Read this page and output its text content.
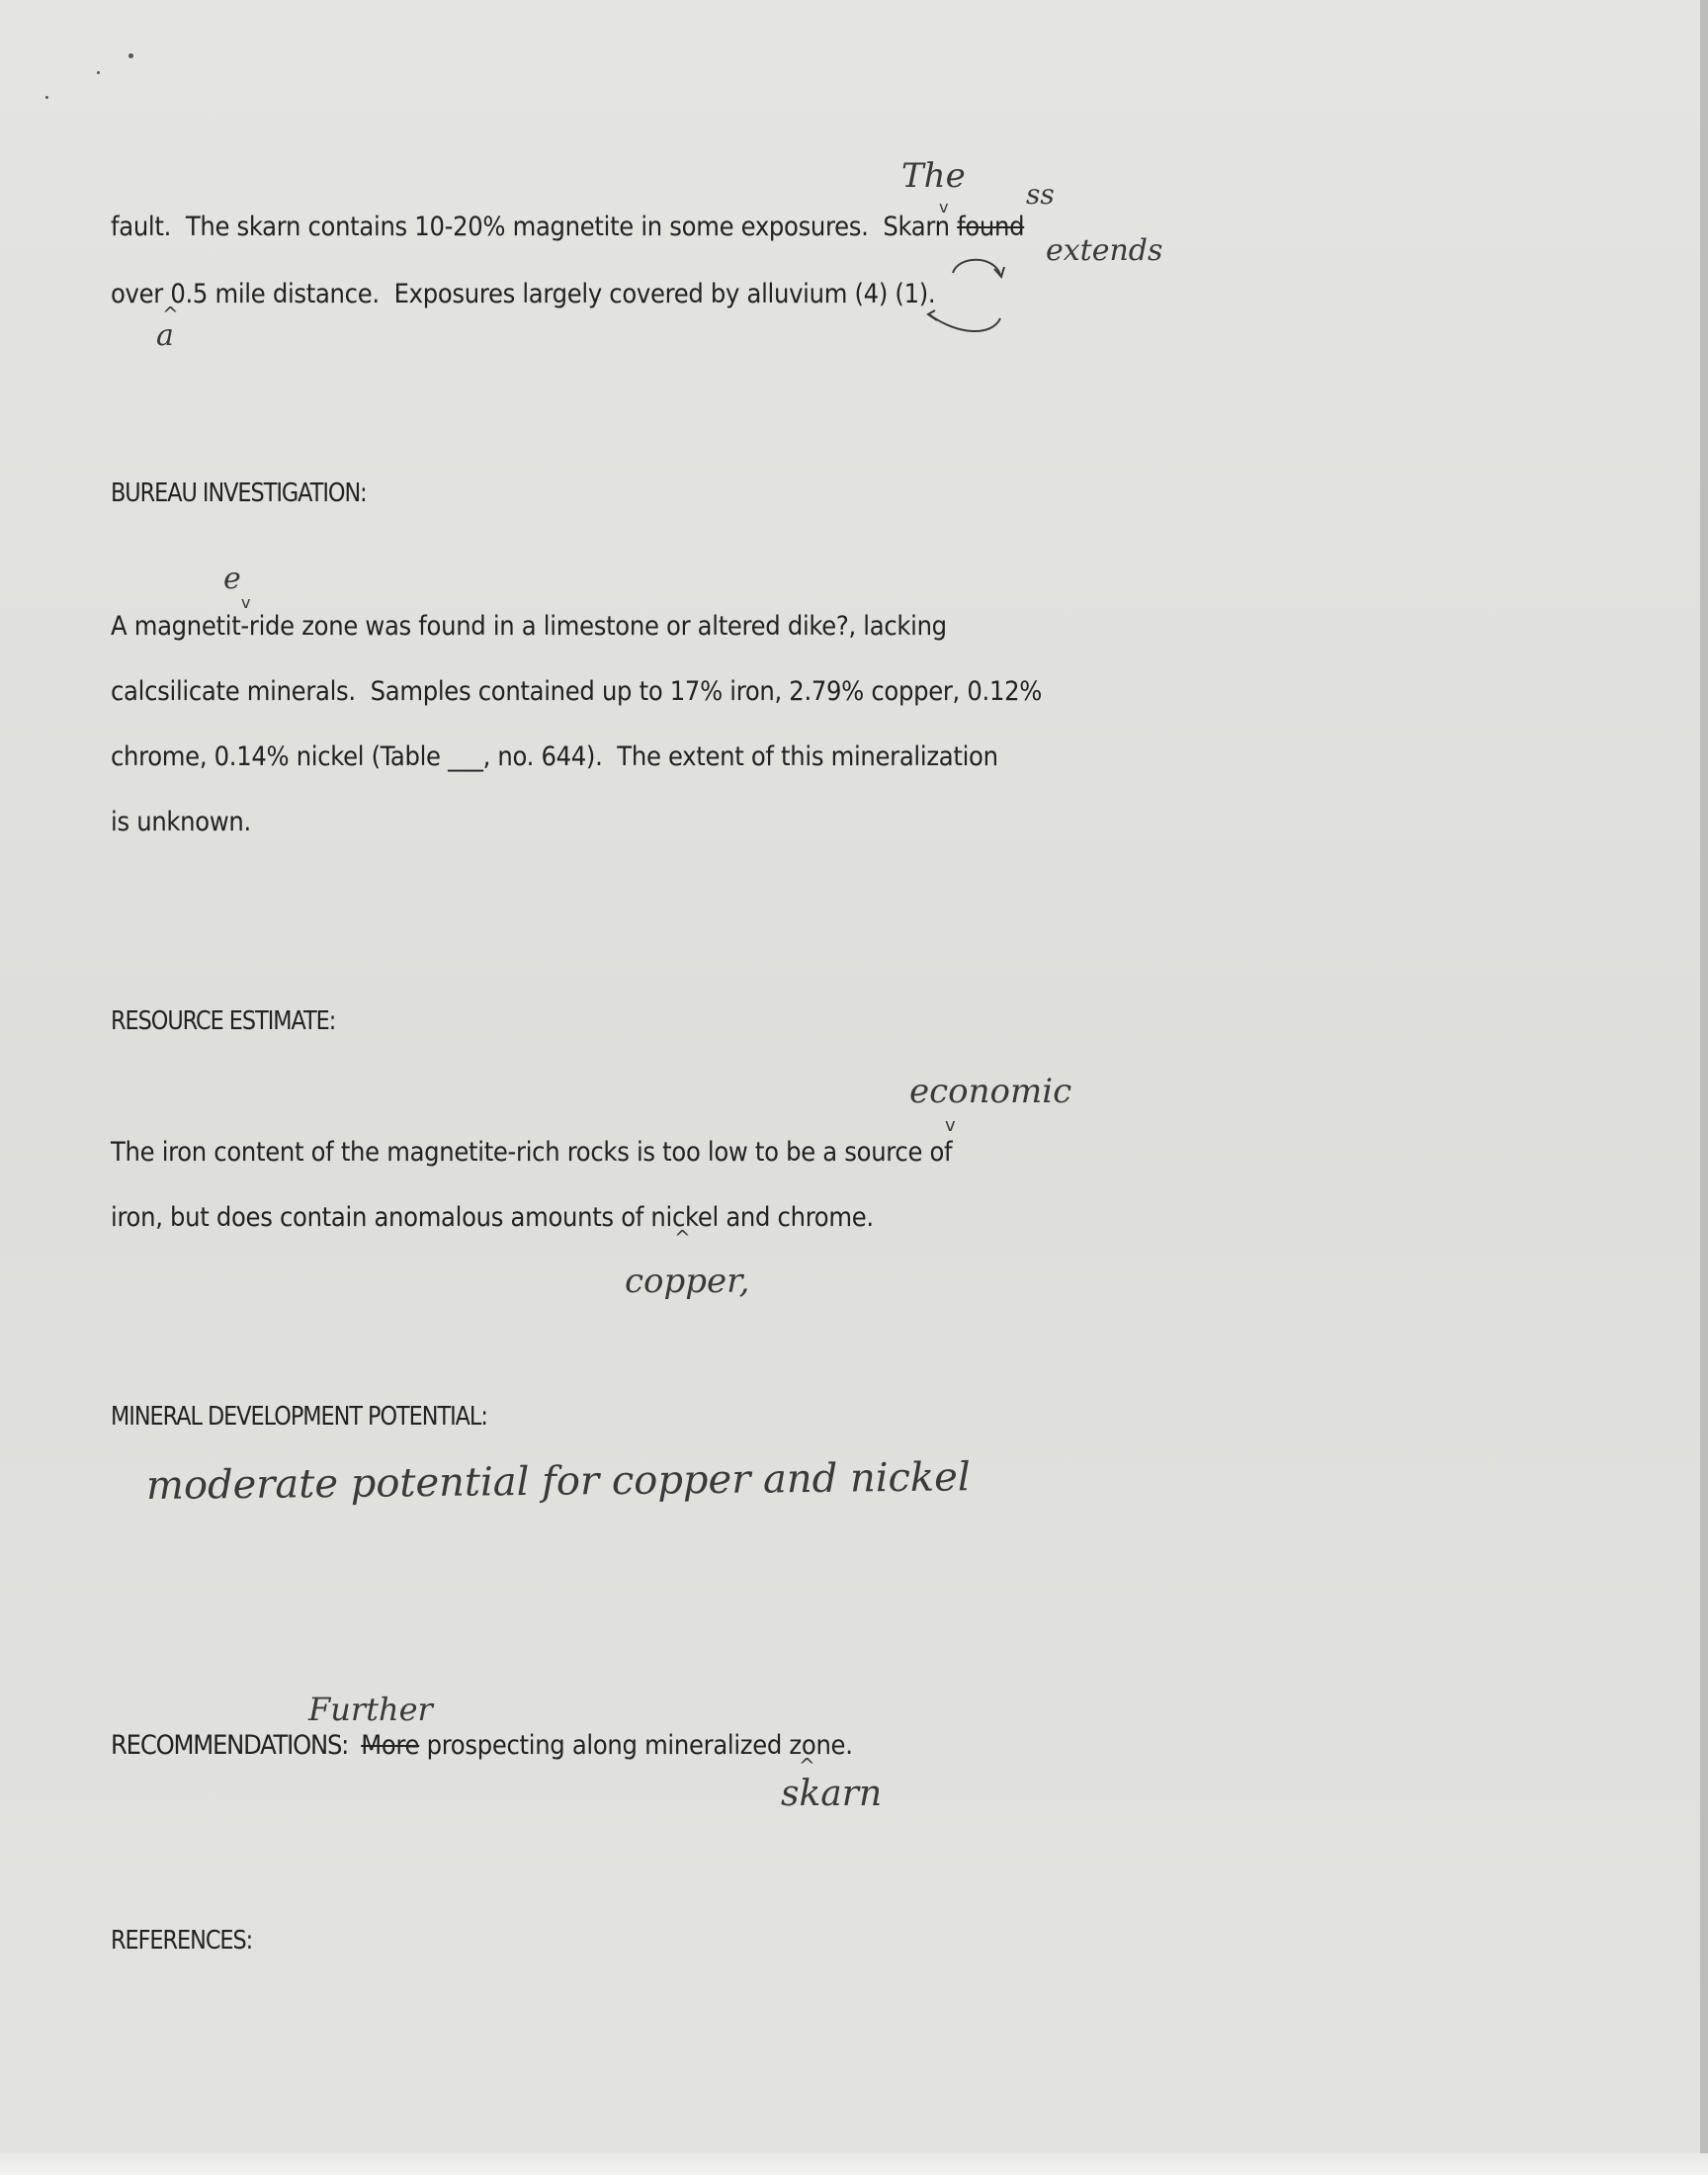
fault.  The skarn contains 10-20% magnetite in some exposures.  Skarn found
The
v	ss
extends
over 0.5 mile distance.  Exposures largely covered by alluvium (4) (1).
^
a
BUREAU INVESTIGATION:
e
v
A magnetit-ride zone was found in a limestone or altered dike?, lacking
calcsilicate minerals.  Samples contained up to 17% iron, 2.79% copper, 0.12%
chrome, 0.14% nickel (Table ___, no. 644).  The extent of this mineralization
is unknown.
RESOURCE ESTIMATE:
economic
v
The iron content of the magnetite-rich rocks is too low to be a source of
iron, but does contain anomalous amounts of nickel and chrome.
^
copper,
MINERAL DEVELOPMENT POTENTIAL:
moderate potential for copper and nickel
Further
RECOMMENDATIONS:  More prospecting along mineralized zone.
^
skarn
REFERENCES:
